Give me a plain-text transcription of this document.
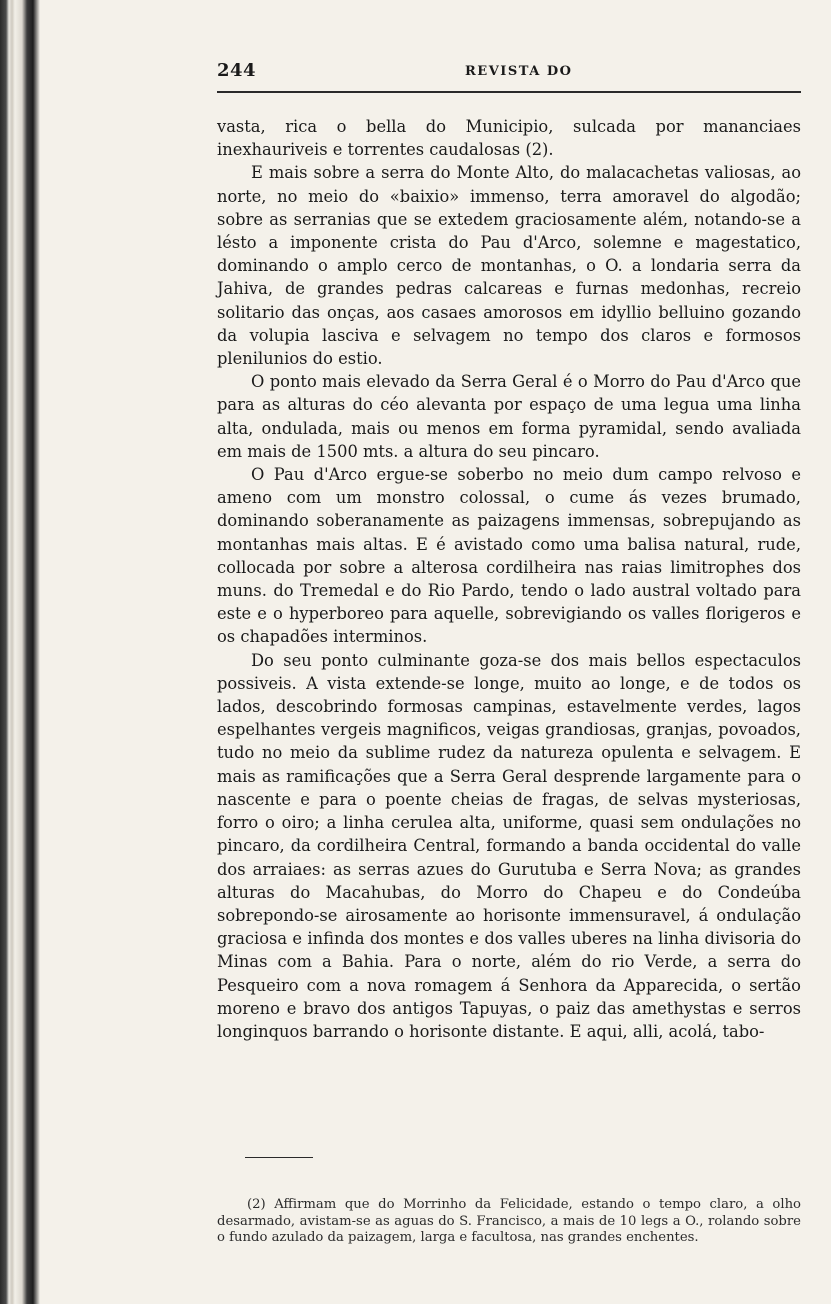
244	REVISTA DO

vasta, rica o bella do Municipio, sulcada por mananciaes inexhauriveis e torrentes caudalosas (2).

E mais sobre a serra do Monte Alto, do malacachetas valiosas, ao norte, no meio do «baixio» immenso, terra amoravel do algodão; sobre as serranias que se extedem graciosamente além, notando-se a lésto a imponente crista do Pau d'Arco, solemne e magestatico, dominando o amplo cerco de montanhas, o O. a londaria serra da Jahiva, de grandes pedras calcareas e furnas medonhas, recreio solitario das onças, aos casaes amorosos em idyllio belluino gozando da volupia lasciva e selvagem no tempo dos claros e formosos plenilunios do estio.

O ponto mais elevado da Serra Geral é o Morro do Pau d'Arco que para as alturas do céo alevanta por espaço de uma legua uma linha alta, ondulada, mais ou menos em forma pyramidal, sendo avaliada em mais de 1500 mts. a altura do seu pincaro.

O Pau d'Arco ergue-se soberbo no meio dum campo relvoso e ameno com um monstro colossal, o cume ás vezes brumado, dominando soberanamente as paizagens immensas, sobrepujando as montanhas mais altas. E é avistado como uma balisa natural, rude, collocada por sobre a alterosa cordilheira nas raias limitrophes dos muns. do Tremedal e do Rio Pardo, tendo o lado austral voltado para este e o hyperboreo para aquelle, sobrevigiando os valles florigeros e os chapadões interminos.

Do seu ponto culminante goza-se dos mais bellos espectaculos possiveis. A vista extende-se longe, muito ao longe, e de todos os lados, descobrindo formosas campinas, estavelmente verdes, lagos espelhantes vergeis magnificos, veigas grandiosas, granjas, povoados, tudo no meio da sublime rudez da natureza opulenta e selvagem. E mais as ramificações que a Serra Geral desprende largamente para o nascente e para o poente cheias de fragas, de selvas mysteriosas, forro o oiro; a linha cerulea alta, uniforme, quasi sem ondulações no pincaro, da cordilheira Central, formando a banda occidental do valle dos arraiaes: as serras azues do Gurutuba e Serra Nova; as grandes alturas do Macahubas, do Morro do Chapeu e do Condeúba sobrepondo-se airosamente ao horisonte immensuravel, á ondulação graciosa e infinda dos montes e dos valles uberes na linha divisoria do Minas com a Bahia. Para o norte, além do rio Verde, a serra do Pesqueiro com a nova romagem á Senhora da Apparecida, o sertão moreno e bravo dos antigos Tapuyas, o paiz das amethystas e serros longinquos barrando o horisonte distante. E aqui, alli, acolá, tabo-

(2) Affirmam que do Morrinho da Felicidade, estando o tempo claro, a olho desarmado, avistam-se as aguas do S. Francisco, a mais de 10 legs a O., rolando sobre o fundo azulado da paizagem, larga e facultosa, nas grandes enchentes.
